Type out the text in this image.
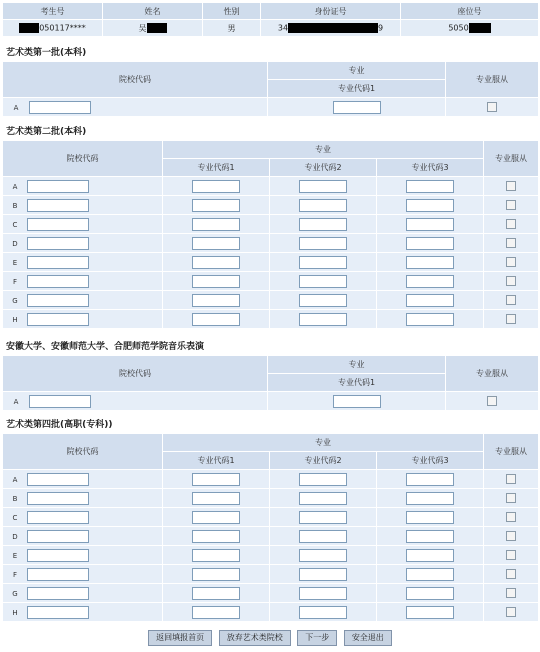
考生号	姓名	性别	身份证号	座位号
050117****	吴	男	34 9	5050
艺术类第一批(本科)
院校代码	专业	专业服从
	专业代码1	
A		
艺术类第二批(本科)
院校代码	专业			专业服从
	专业代码1	专业代码2	专业代码3	
A				
B				
C				
D				
E				
F				
G				
H				
安徽大学、安徽师范大学、合肥师范学院音乐表演
院校代码	专业	专业服从
	专业代码1	
A		
艺术类第四批(高职(专科))
院校代码	专业			专业服从
	专业代码1	专业代码2	专业代码3	
A				
B				
C				
D				
E				
F				
G				
H				
返回填报首页	放弃艺术类院校	下一步	安全退出
